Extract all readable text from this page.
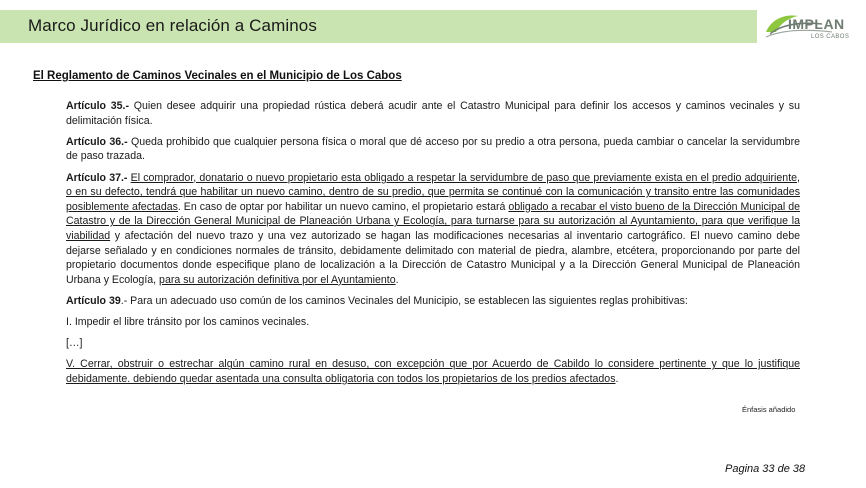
Marco Jurídico en relación a Caminos	IMPLAN
LOS CABOS
El Reglamento de Caminos Vecinales en el Municipio de Los Cabos

Artículo 35.- Quien desee adquirir una propiedad rústica deberá acudir ante el Catastro Municipal para definir los accesos y caminos vecinales y su delimitación física.

Artículo 36.- Queda prohibido que cualquier persona física o moral que dé acceso por su predio a otra persona, pueda cambiar o cancelar la servidumbre de paso trazada.

Artículo 37.- El comprador, donatario o nuevo propietario esta obligado a respetar la servidumbre de paso que previamente exista en el predio adquiriente, o en su defecto, tendrá que habilitar un nuevo camino, dentro de su predio, que permita se continué con la comunicación y transito entre las comunidades posiblemente afectadas. En caso de optar por habilitar un nuevo camino, el propietario estará obligado a recabar el visto bueno de la Dirección Municipal de Catastro y de la Dirección General Municipal de Planeación Urbana y Ecología, para turnarse para su autorización al Ayuntamiento, para que verifique la viabilidad y afectación del nuevo trazo y una vez autorizado se hagan las modificaciones necesarias al inventario cartográfico. El nuevo camino debe dejarse señalado y en condiciones normales de tránsito, debidamente delimitado con material de piedra, alambre, etcétera, proporcionando por parte del propietario documentos donde especifique plano de localización a la Dirección de Catastro Municipal y a la Dirección General Municipal de Planeación Urbana y Ecología, para su autorización definitiva por el Ayuntamiento.

Artículo 39.- Para un adecuado uso común de los caminos Vecinales del Municipio, se establecen las siguientes reglas prohibitivas:

I. Impedir el libre tránsito por los caminos vecinales.

[…]

V. Cerrar, obstruir o estrechar algún camino rural en desuso, con excepción que por Acuerdo de Cabildo lo considere pertinente y que lo justifique debidamente. debiendo quedar asentada una consulta obligatoria con todos los propietarios de los predios afectados.

Énfasis añadido
Pagina 33 de 38
